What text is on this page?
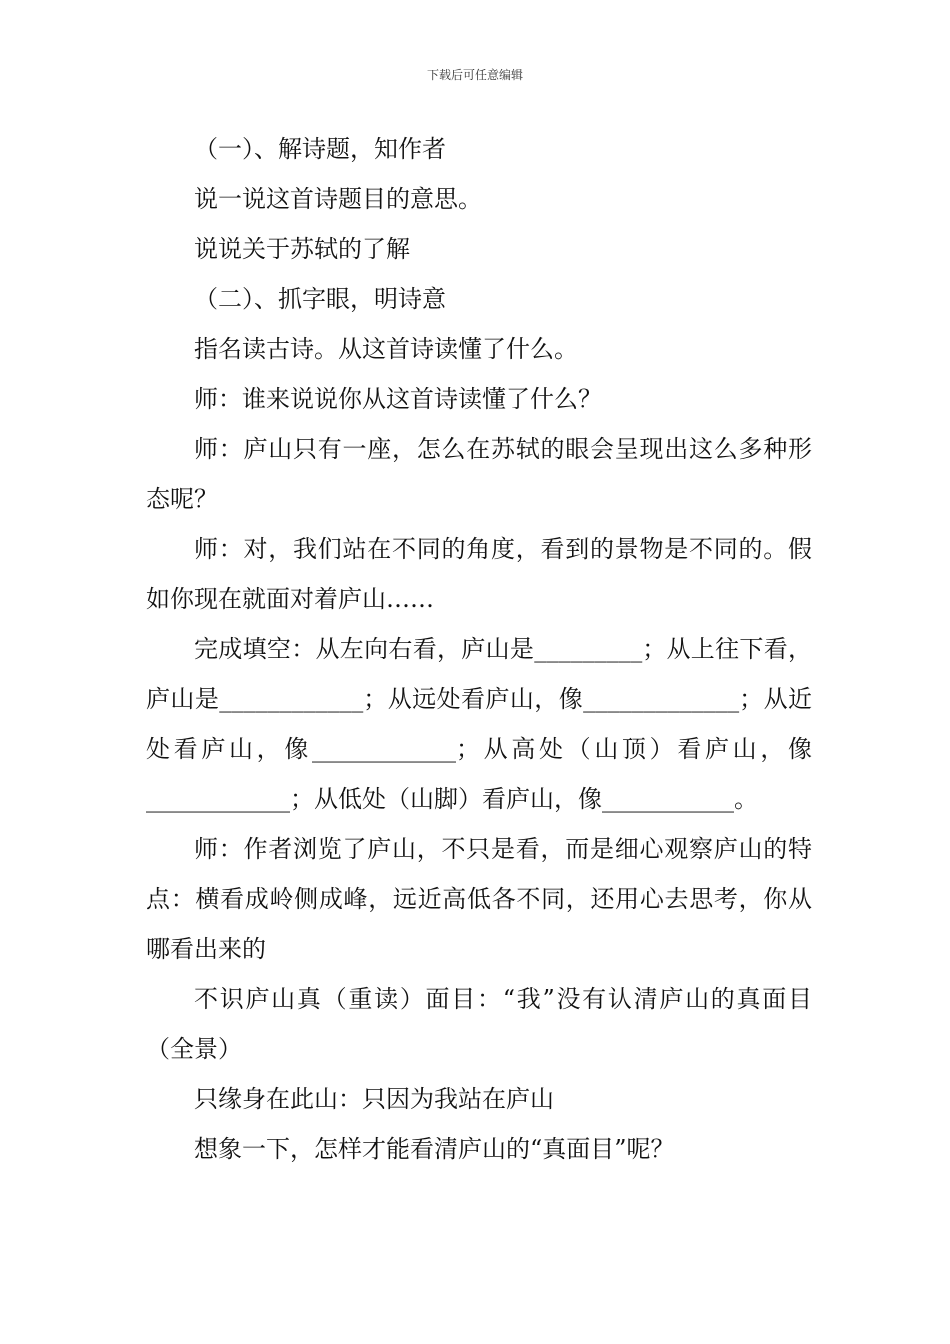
下载后可任意编辑

（一）、解诗题，知作者

说一说这首诗题目的意思。

说说关于苏轼的了解

（二）、抓字眼，明诗意

指名读古诗。从这首诗读懂了什么。

师：谁来说说你从这首诗读懂了什么？

师：庐山只有一座，怎么在苏轼的眼会呈现出这么多种形态呢？

师：对，我们站在不同的角度，看到的景物是不同的。假如你现在就面对着庐山……

完成填空：从左向右看，庐山是_________；从上往下看，庐山是____________；从远处看庐山，像_____________；从近处看庐山，像____________；从高处（山顶）看庐山，像____________；从低处（山脚）看庐山，像___________。

师：作者浏览了庐山，不只是看，而是细心观察庐山的特点：横看成岭侧成峰，远近高低各不同，还用心去思考，你从哪看出来的

不识庐山真（重读）面目：“我”没有认清庐山的真面目（全景）

只缘身在此山：只因为我站在庐山

想象一下，怎样才能看清庐山的“真面目”呢？
